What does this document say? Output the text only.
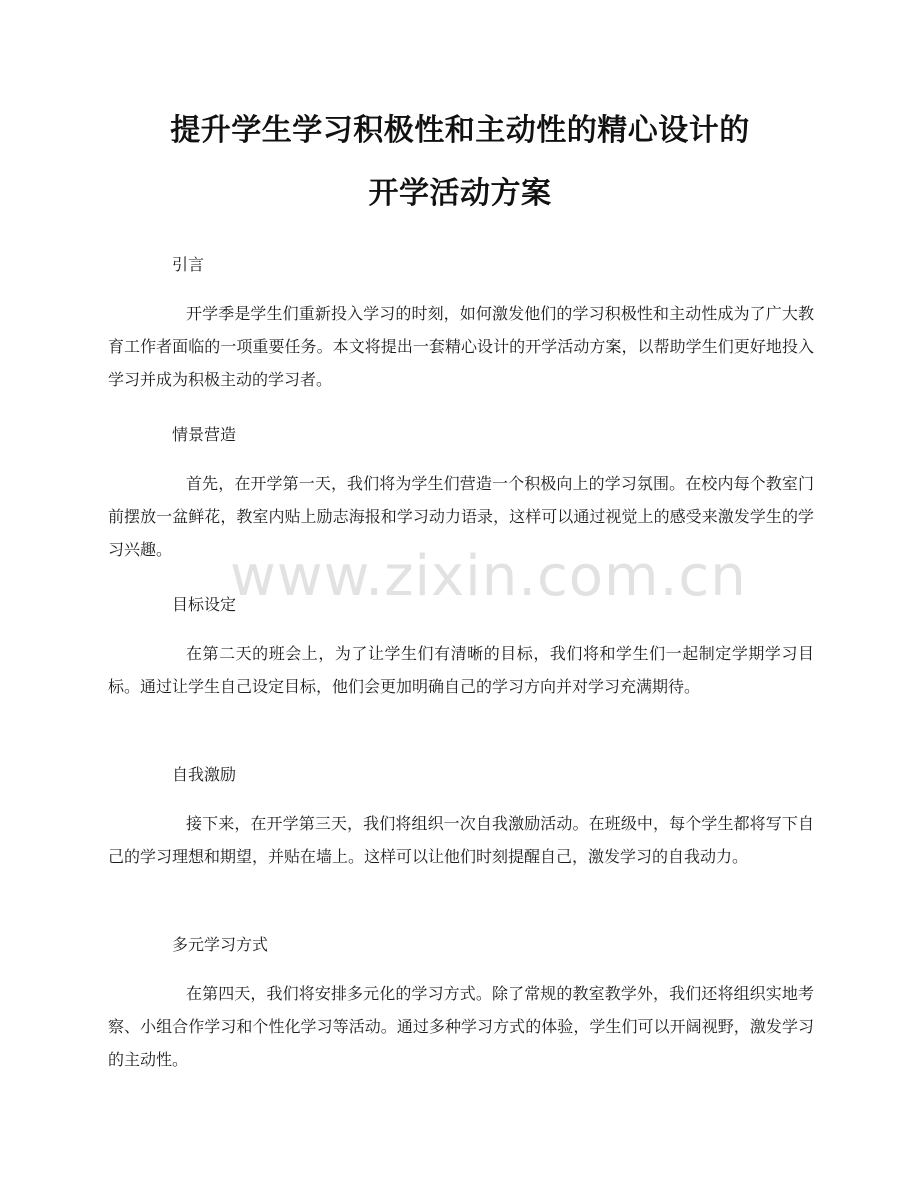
提升学生学习积极性和主动性的精心设计的
开学活动方案

引言

开学季是学生们重新投入学习的时刻，如何激发他们的学习积极性和主动性成为了广大教育工作者面临的一项重要任务。本文将提出一套精心设计的开学活动方案，以帮助学生们更好地投入学习并成为积极主动的学习者。

情景营造

首先，在开学第一天，我们将为学生们营造一个积极向上的学习氛围。在校内每个教室门前摆放一盆鲜花，教室内贴上励志海报和学习动力语录，这样可以通过视觉上的感受来激发学生的学习兴趣。

目标设定

在第二天的班会上，为了让学生们有清晰的目标，我们将和学生们一起制定学期学习目标。通过让学生自己设定目标，他们会更加明确自己的学习方向并对学习充满期待。

自我激励

接下来，在开学第三天，我们将组织一次自我激励活动。在班级中，每个学生都将写下自己的学习理想和期望，并贴在墙上。这样可以让他们时刻提醒自己，激发学习的自我动力。

多元学习方式

在第四天，我们将安排多元化的学习方式。除了常规的教室教学外，我们还将组织实地考察、小组合作学习和个性化学习等活动。通过多种学习方式的体验，学生们可以开阔视野，激发学习的主动性。

www.zixin.com.cn
